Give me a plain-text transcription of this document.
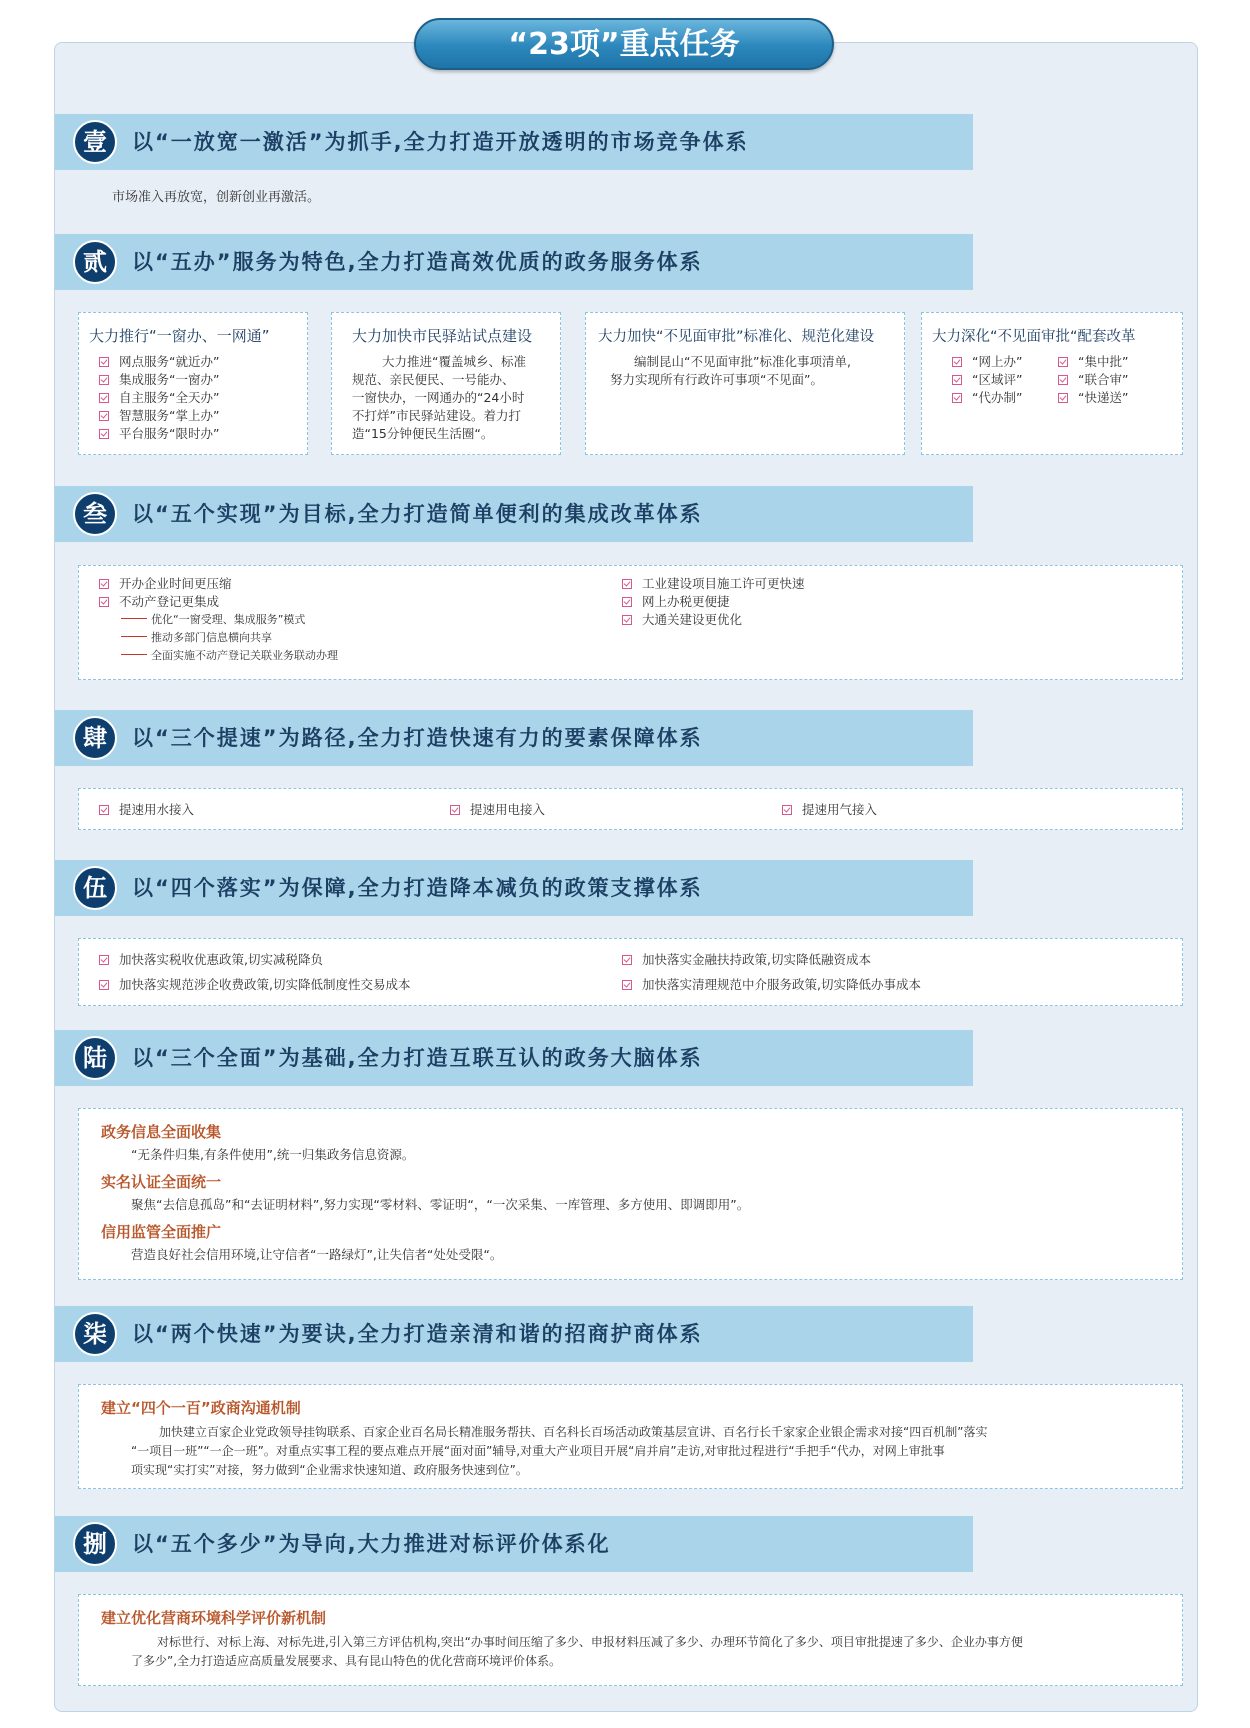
“23项”重点任务
壹	以“一放宽一激活”为抓手,全力打造开放透明的市场竞争体系
市场准入再放宽，创新创业再激活。
贰	以“五办”服务为特色,全力打造高效优质的政务服务体系
大力推行“一窗办、一网通”
网点服务“就近办”
集成服务“一窗办”
自主服务“全天办”
智慧服务“掌上办”
平台服务“限时办”
大力加快市民驿站试点建设
大力推进“覆盖城乡、标准
规范、亲民便民、一号能办、
一窗快办，一网通办的“24小时
不打烊”市民驿站建设。着力打
造“15分钟便民生活圈“。
大力加快“不见面审批”标准化、规范化建设
编制昆山“不见面审批”标准化事项清单,
努力实现所有行政许可事项“不见面”。
大力深化“不见面审批“配套改革
“网上办”	“集中批”
“区域评”	“联合审”
“代办制”	“快递送”
叁	以“五个实现”为目标,全力打造简单便利的集成改革体系
开办企业时间更压缩
不动产登记更集成
优化“一窗受理、集成服务”模式
推动多部门信息横向共享
全面实施不动产登记关联业务联动办理
工业建设项目施工许可更快速
网上办税更便捷
大通关建设更优化
肆	以“三个提速”为路径,全力打造快速有力的要素保障体系
提速用水接入	提速用电接入	提速用气接入
伍	以“四个落实”为保障,全力打造降本减负的政策支撑体系
加快落实税收优惠政策,切实减税降负	加快落实金融扶持政策,切实降低融资成本
加快落实规范涉企收费政策,切实降低制度性交易成本	加快落实清理规范中介服务政策,切实降低办事成本
陆	以“三个全面”为基础,全力打造互联互认的政务大脑体系
政务信息全面收集
“无条件归集,有条件使用”,统一归集政务信息资源。
实名认证全面统一
聚焦“去信息孤岛”和“去证明材料”,努力实现“零材料、零证明“，“一次采集、一库管理、多方使用、即调即用”。
信用监管全面推广
营造良好社会信用环境,让守信者“一路绿灯”,让失信者“处处受限“。
柒	以“两个快速”为要诀,全力打造亲清和谐的招商护商体系
建立“四个一百”政商沟通机制
加快建立百家企业党政领导挂钩联系、百家企业百名局长精准服务帮扶、百名科长百场活动政策基层宣讲、百名行长千家家企业银企需求对接“四百机制”落实
“一项目一班”“一企一班”。对重点实事工程的要点难点开展“面对面”辅导,对重大产业项目开展“肩并肩”走访,对审批过程进行“手把手“代办，对网上审批事
项实现“实打实”对接，努力做到“企业需求快速知道、政府服务快速到位”。
捌	以“五个多少”为导向,大力推进对标评价体系化
建立优化营商环境科学评价新机制
对标世行、对标上海、对标先进,引入第三方评估机构,突出“办事时间压缩了多少、申报材料压减了多少、办理环节简化了多少、项目审批提速了多少、企业办事方便
了多少”,全力打造适应高质量发展要求、具有昆山特色的优化营商环境评价体系。
